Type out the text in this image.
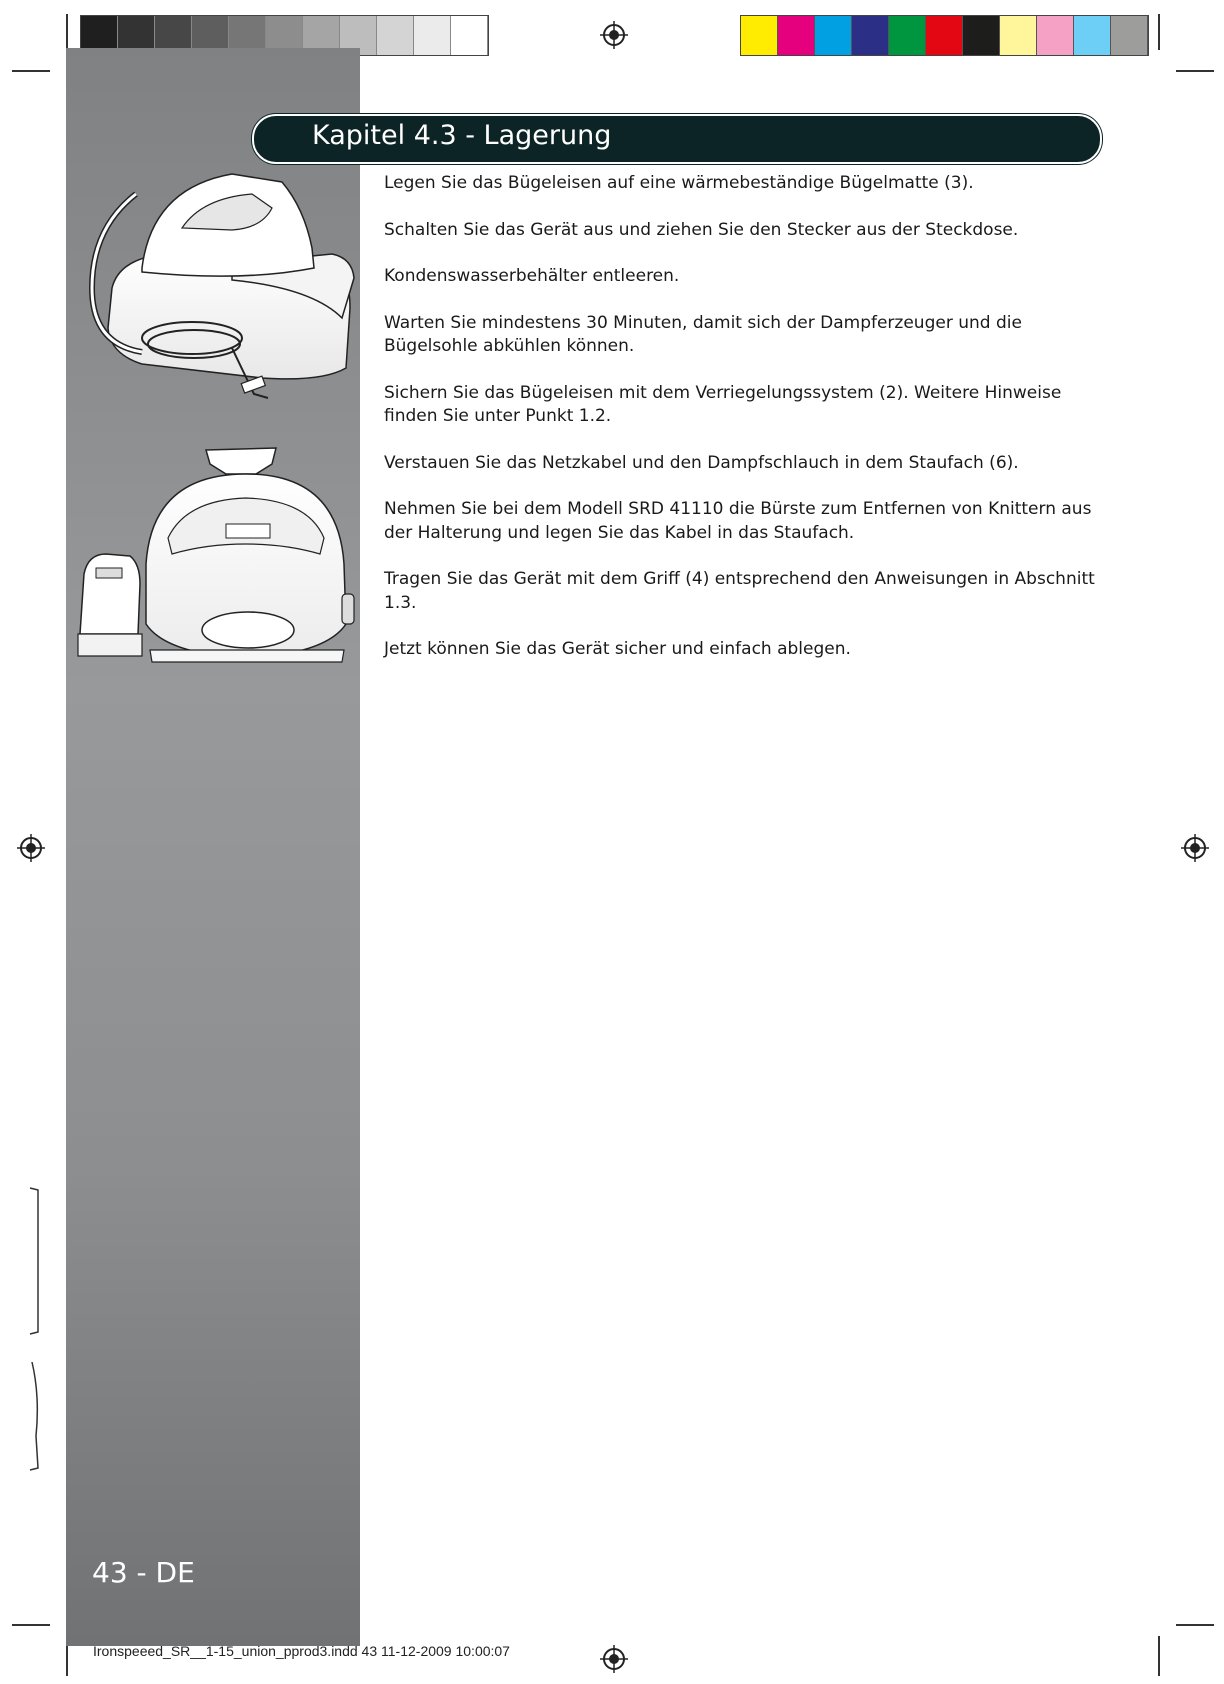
Kapitel 4.3 - Lagerung

Legen Sie das Bügeleisen auf eine wärmebeständige Bügelmatte (3).

Schalten Sie das Gerät aus und ziehen Sie den Stecker aus der Steckdose.

Kondenswasserbehälter entleeren.

Warten Sie mindestens 30 Minuten, damit sich der Dampferzeuger und die Bügelsohle abkühlen können.

Sichern Sie das Bügeleisen mit dem Verriegelungssystem (2). Weitere Hinweise finden Sie unter Punkt 1.2.

Verstauen Sie das Netzkabel und den Dampfschlauch in dem Staufach (6).

Nehmen Sie bei dem Modell SRD 41110 die Bürste zum Entfernen von Knittern aus der Halterung und legen Sie das Kabel in das Staufach.

Tragen Sie das Gerät mit dem Griff (4) entsprechend den Anweisungen in Abschnitt 1.3.

Jetzt können Sie das Gerät sicher und einfach ablegen.

43 - DE
Ironspeeed_SR__1-15_union_pprod3.indd 43 11-12-2009 10:00:07
